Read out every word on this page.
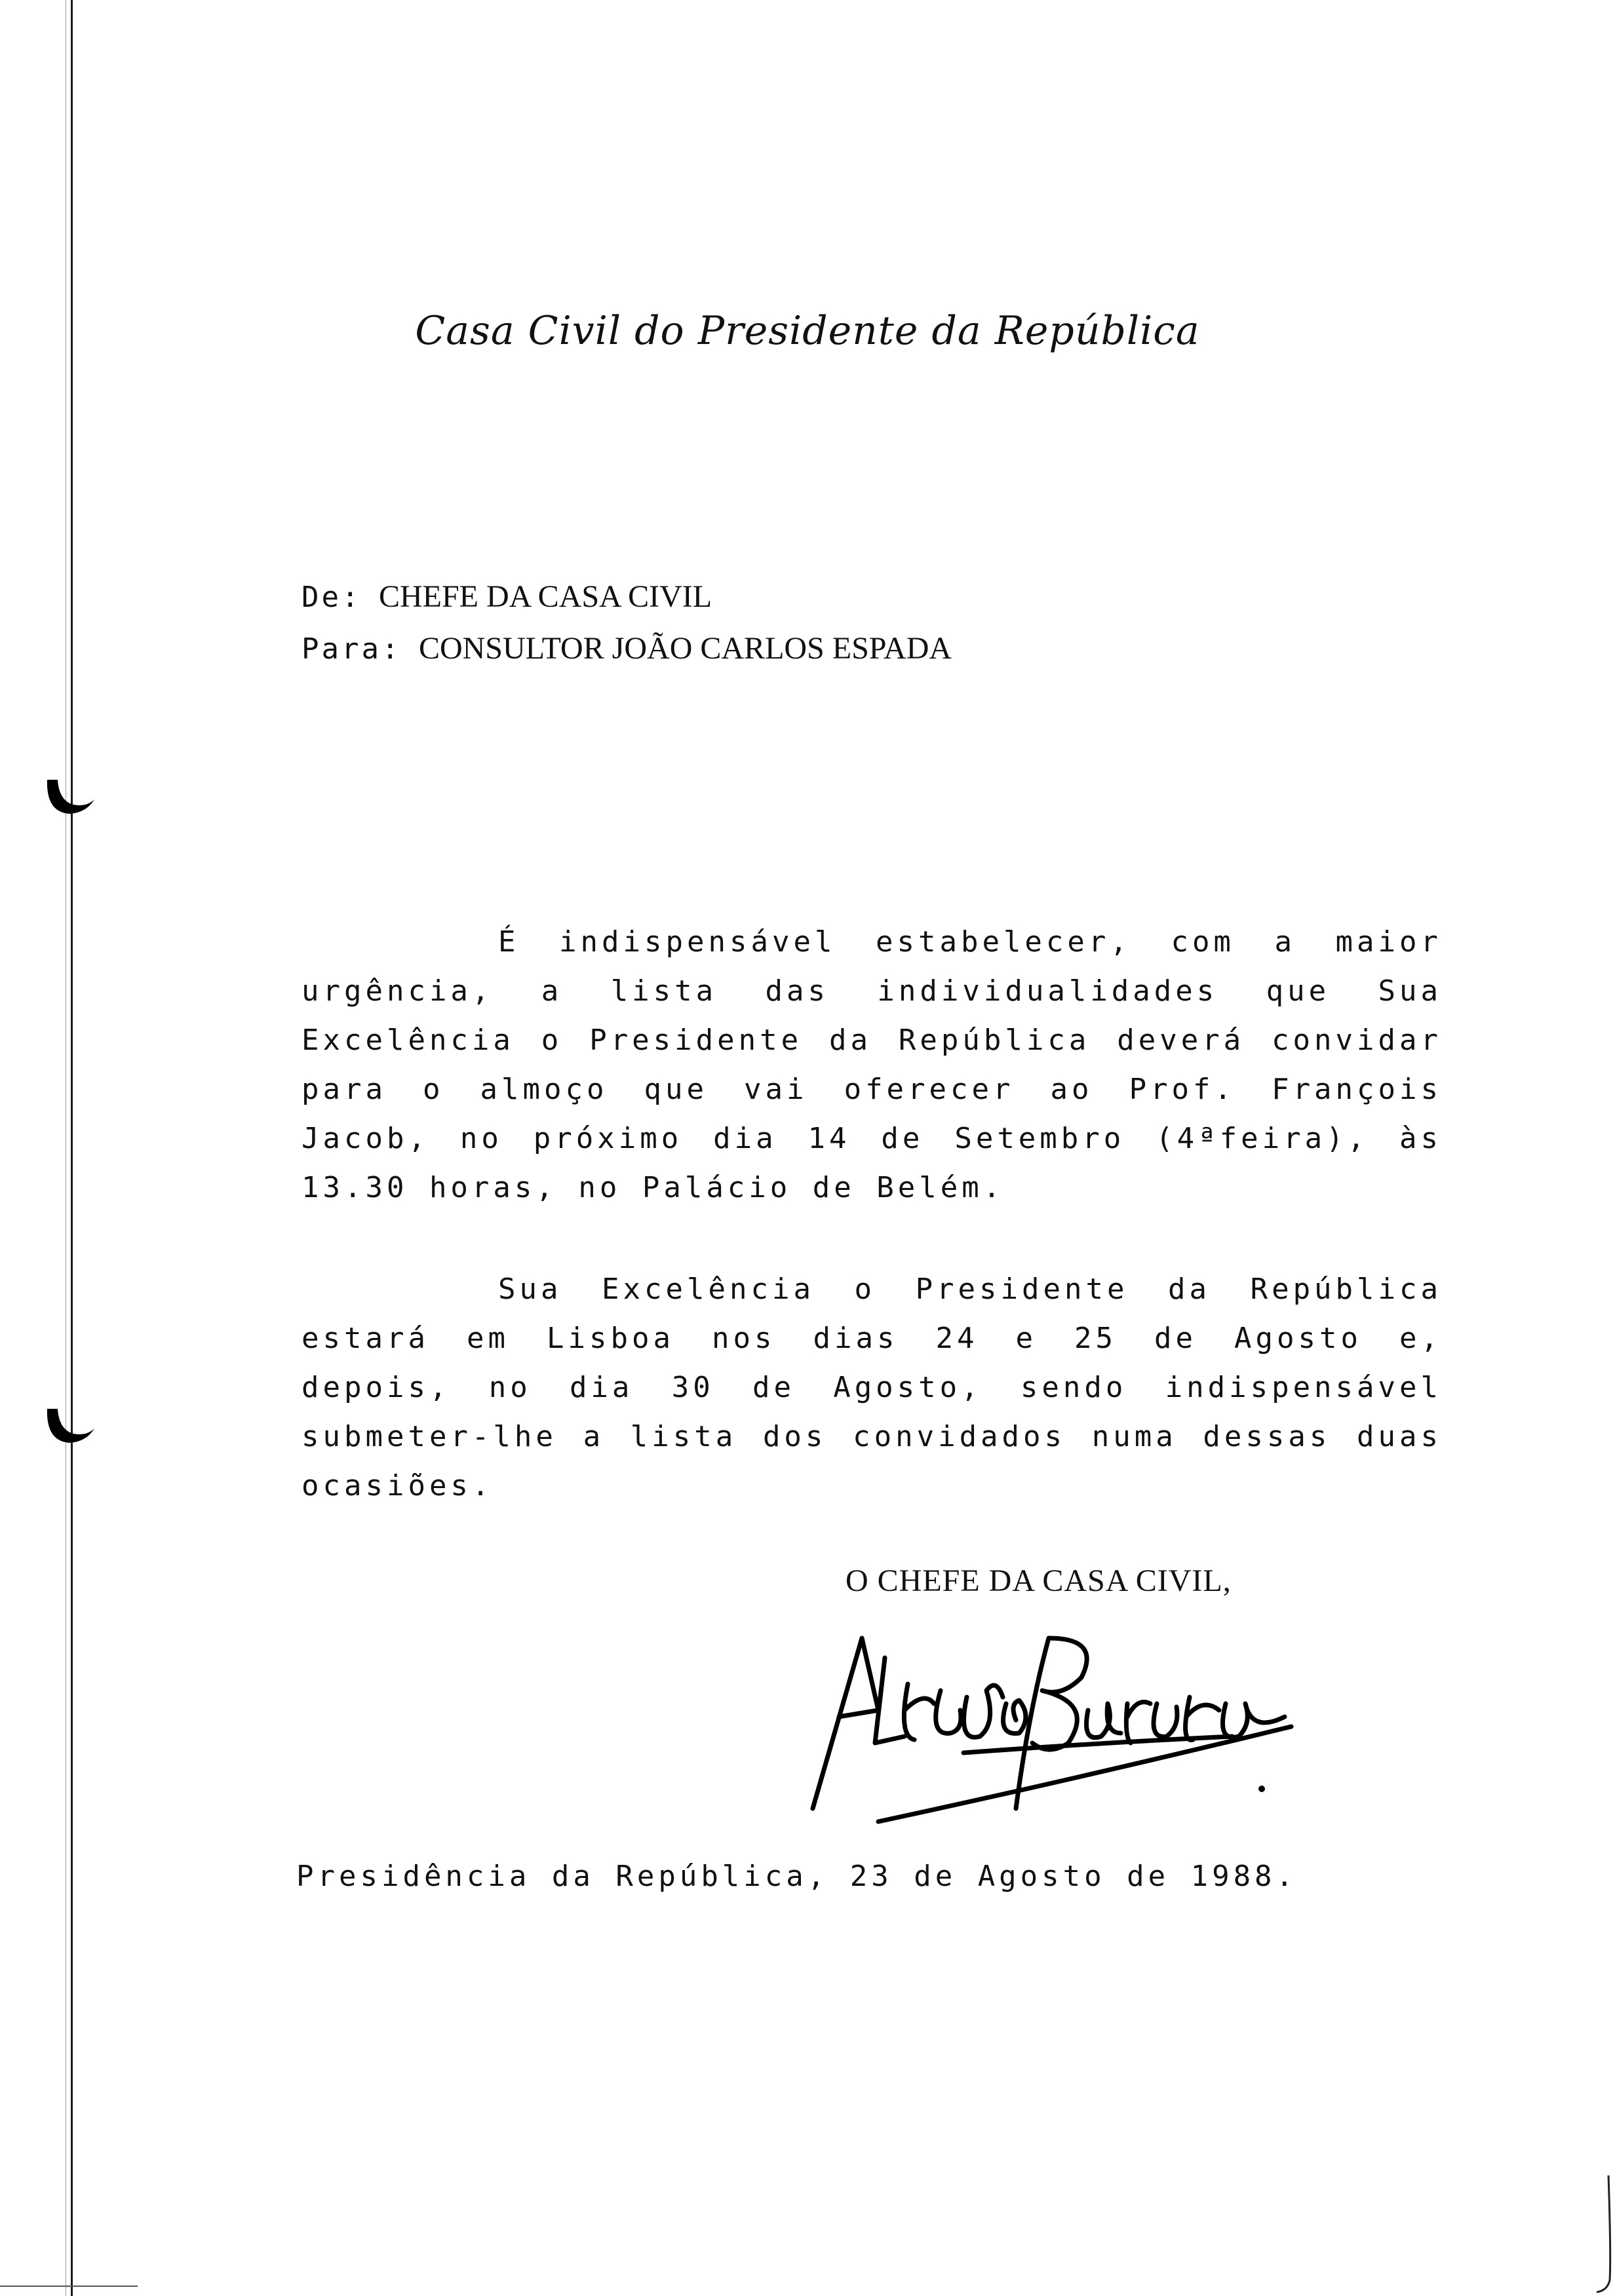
Casa Civil do Presidente da República
De: CHEFE DA CASA CIVIL
Para: CONSULTOR JOÃO CARLOS ESPADA
É indispensável estabelecer, com a maior urgência, a lista das individualidades que Sua Excelência o Presidente da República deverá convidar para o almoço que vai oferecer ao Prof. François Jacob, no próximo dia 14 de Setembro (4ªfeira), às 13.30 horas, no Palácio de Belém.
Sua Excelência o Presidente da República estará em Lisboa nos dias 24 e 25 de Agosto e, depois, no dia 30 de Agosto, sendo indispensável submeter-lhe a lista dos convidados numa dessas duas ocasiões.
O CHEFE DA CASA CIVIL,
Presidência da República, 23 de Agosto de 1988.
